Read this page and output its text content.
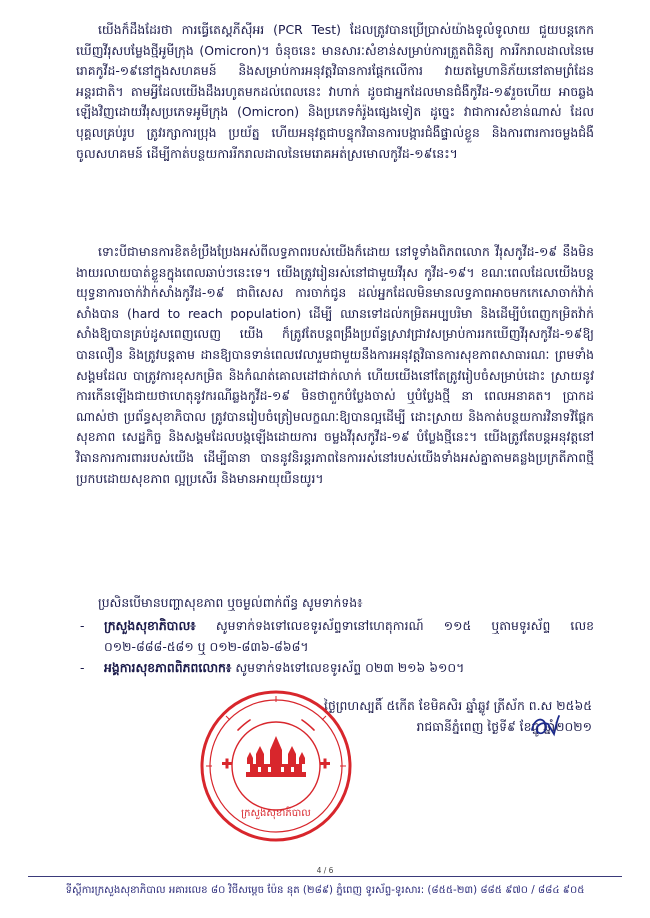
យើងក៏ដឹងដែរថា ការធ្វើតេស្តភីស៊ីអរ (PCR Test) ដែលត្រូវបានប្រើប្រាស់យ៉ាងទូលំទូលាយ ជួយបន្តកេកឃើញវីរុសបម្លែងថ្មីអូមីក្រុង (Omicron)។ ចំនុចនេះ មានសារៈសំខាន់សម្រាប់ការត្រួតពិនិត្យ ការរីករាលដាលនៃមេរោគកូវីដ-១៩នៅក្នុងសហគមន៍ និងសម្រាប់ការអនុវត្តវិធានការផ្តែកលើការ វាយតម្លៃហានិភ័យនៅតាមព្រំដែនអន្តរជាតិ។ តាមអ្វីដែលយើងដឹងរហូតមកដល់ពេលនេះ វាហាក់ ដូចជាអ្នកដែលមានជំងឺកូវីដ-១៩រួចហើយ អាចឆ្លងឡើងវិញដោយវីរុសប្រភេទអូមីក្រុង (Omicron) និងប្រភេទកំរ៉ូងផ្សេងទៀត ដូច្នេះ វាជាការសំខាន់ណាស់ ដែលបុគ្គលគ្រប់រូប ត្រូវរក្សាការប្រុង ប្រយ័ត្ន ហើយអនុវត្តជាបន្ទុកវិធានការបង្ការជំងឺផ្ទាល់ខ្លួន និងការពារការចម្លងជំងឺចូលសហគមន៍ ដើម្បីកាត់បន្ថយការរីករាលដាលនៃមេរោគអត់ស្រមោលកូវីដ-១៩នេះ។

ទោះបីជាមានការខិតខំប្រឹងប្រែងអស់ពីលទ្ធភាពរបស់យើងក៏ដោយ នៅទូទាំងពិភពលោក វីរុសកូវីដ-១៩ នឹងមិនងាយរលាយបាត់ខ្លួនក្នុងពេលឆាប់ៗនេះទេ។ យើងត្រូវរៀនរស់នៅជាមួយវីរុស កូវីដ-១៩។ ខណៈពេលដែលយើងបន្តយុទ្ធនាការចាក់វ៉ាក់សាំងកូវីដ-១៩ ជាពិសេស ការចាក់ជូន ដល់អ្នកដែលមិនមានលទ្ធភាពអាចមកកេសោចាក់វ៉ាក់សាំងបាន (hard to reach population) ដើម្បី ឈានទៅដល់កម្រិតអប្បបរិមា និងដើម្បីបំពេញកម្រិតវ៉ាក់សាំងឱ្យបានគ្រប់ដូសពេញលេញ យើង ក៏ត្រូវតែបន្តពង្រឹងប្រព័ន្ធស្រាវជ្រាវសម្រាប់ការរកឃើញវីរុសកូវីដ-១៩ឱ្យបានលឿន និងត្រូវបន្តតាម ដានឱ្យបានទាន់ពេលវេលារួមជាមួយនឹងការអនុវត្តវិធានការសុខភាពសាធារណៈ ព្រមទាំងសង្គមដែល បាត្រូវការខុសកម្រិត និងកំណត់គោលដៅជាក់លាក់ ហើយយើងនៅតែត្រូវរៀបចំសម្រាប់ដោះ ស្រាយនូវការកើនឡើងជាយថាហេតុនូវករណីឆ្លងកូវីដ-១៩ មិនថាពួកបំប្លែងចាស់ ឬបំប្លែងថ្មី នា ពេលអនាគត។ ប្រាកដណាស់ថា ប្រព័ន្ធសុខាភិបាល ត្រូវបានរៀបចំត្រៀមលក្ខណៈឱ្យបានល្អដើម្បី ដោះស្រាយ និងកាត់បន្ថយការវិនាទវិផ្តែកសុខភាព សេដ្ឋកិច្ច និងសង្គមដែលបង្កឡើងដោយការ ចម្លងវីរុសកូវីដ-១៩ បំប្លែងថ្មីនេះ។ យើងត្រូវតែបន្តអនុវត្តនៅវិធានការការពាររបស់យើង ដើម្បីធានា បាននូវនិរន្តរភាពនៃការរស់នៅរបស់យើងទាំងអស់គ្នាតាមគន្លងប្រក្រតីភាពថ្មី ប្រកបដោយសុខភាព ល្អប្រសើរ និងមានអាយុយឺនយូរ។

ប្រសិនបើមានបញ្ហាសុខភាព ឬចម្ងល់ពាក់ព័ន្ធ សូមទាក់ទង៖

- ក្រសួងសុខាភិបាល៖ សូមទាក់ទងទៅលេខទូរស័ព្ទទានៅហេតុការណ៍ ១១៥ ឬតាមទូរស័ព្ទ លេខ ០១២-៨៨៨-៥៨១ ឬ ០១២-៨៣៦-៨៦៨។
- អង្គការសុខភាពពិភពលោក៖ សូមទាក់ទងទៅលេខទូរស័ព្ទ ០២៣ ២១៦ ៦១០។
ថ្ងៃព្រហស្បតិ៍ ៥កើត ខែមិគសិរ ឆ្នាំឆ្លូវ ត្រីស័ក ព.ស ២៥៦៥
រាជធានីភ្នំពេញ ថ្ងៃទី៩ ខែធ្នូ ឆ្នាំ២០២១
ក្រសួងសុខាភិបាល
4 / 6
ទីស្តីការក្រសួងសុខាភិបាល អគារលេខ ៨០ វិថីសម្តេច ប៉ែន នុត (២៨៩) ភ្នំពេញ ទូរស័ព្ទ-ទូរសារ: (៨៥៥-២៣) ៨៨៥ ៩៧០ / ៨៨៤ ៩០៥
